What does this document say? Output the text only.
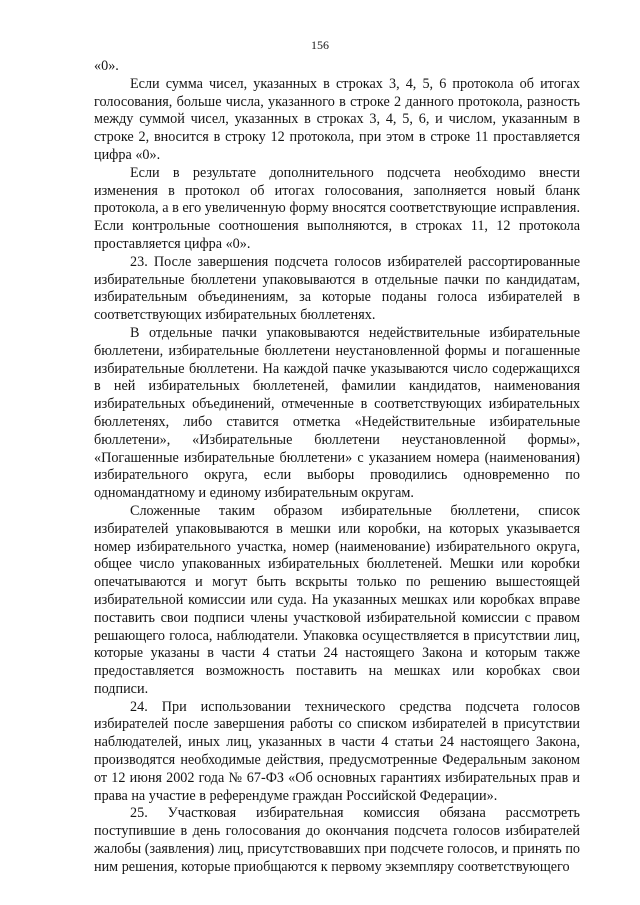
156

«0».

Если сумма чисел, указанных в строках 3, 4, 5, 6 протокола об итогах голосования, больше числа, указанного в строке 2 данного протокола, разность между суммой чисел, указанных в строках 3, 4, 5, 6, и числом, указанным в строке 2, вносится в строку 12 протокола, при этом в строке 11 проставляется цифра «0».

Если в результате дополнительного подсчета необходимо внести изменения в протокол об итогах голосования, заполняется новый бланк протокола, а в его увеличенную форму вносятся соответствующие исправления. Если контрольные соотношения выполняются, в строках 11, 12 протокола проставляется цифра «0».

23. После завершения подсчета голосов избирателей рассортированные избирательные бюллетени упаковываются в отдельные пачки по кандидатам, избирательным объединениям, за которые поданы голоса избирателей в соответствующих избирательных бюллетенях.

В отдельные пачки упаковываются недействительные избирательные бюллетени, избирательные бюллетени неустановленной формы и погашенные избирательные бюллетени. На каждой пачке указываются число содержащихся в ней избирательных бюллетеней, фамилии кандидатов, наименования избирательных объединений, отмеченные в соответствующих избирательных бюллетенях, либо ставится отметка «Недействительные избирательные бюллетени», «Избирательные бюллетени неустановленной формы», «Погашенные избирательные бюллетени» с указанием номера (наименования) избирательного округа, если выборы проводились одновременно по одномандатному и единому избирательным округам.

Сложенные таким образом избирательные бюллетени, список избирателей упаковываются в мешки или коробки, на которых указывается номер избирательного участка, номер (наименование) избирательного округа, общее число упакованных избирательных бюллетеней. Мешки или коробки опечатываются и могут быть вскрыты только по решению вышестоящей избирательной комиссии или суда. На указанных мешках или коробках вправе поставить свои подписи члены участковой избирательной комиссии с правом решающего голоса, наблюдатели. Упаковка осуществляется в присутствии лиц, которые указаны в части 4 статьи 24 настоящего Закона и которым также предоставляется возможность поставить на мешках или коробках свои подписи.

24. При использовании технического средства подсчета голосов избирателей после завершения работы со списком избирателей в присутствии наблюдателей, иных лиц, указанных в части 4 статьи 24 настоящего Закона, производятся необходимые действия, предусмотренные Федеральным законом от 12 июня 2002 года № 67-ФЗ «Об основных гарантиях избирательных прав и права на участие в референдуме граждан Российской Федерации».

25. Участковая избирательная комиссия обязана рассмотреть поступившие в день голосования до окончания подсчета голосов избирателей жалобы (заявления) лиц, присутствовавших при подсчете голосов, и принять по ним решения, которые приобщаются к первому экземпляру соответствующего
